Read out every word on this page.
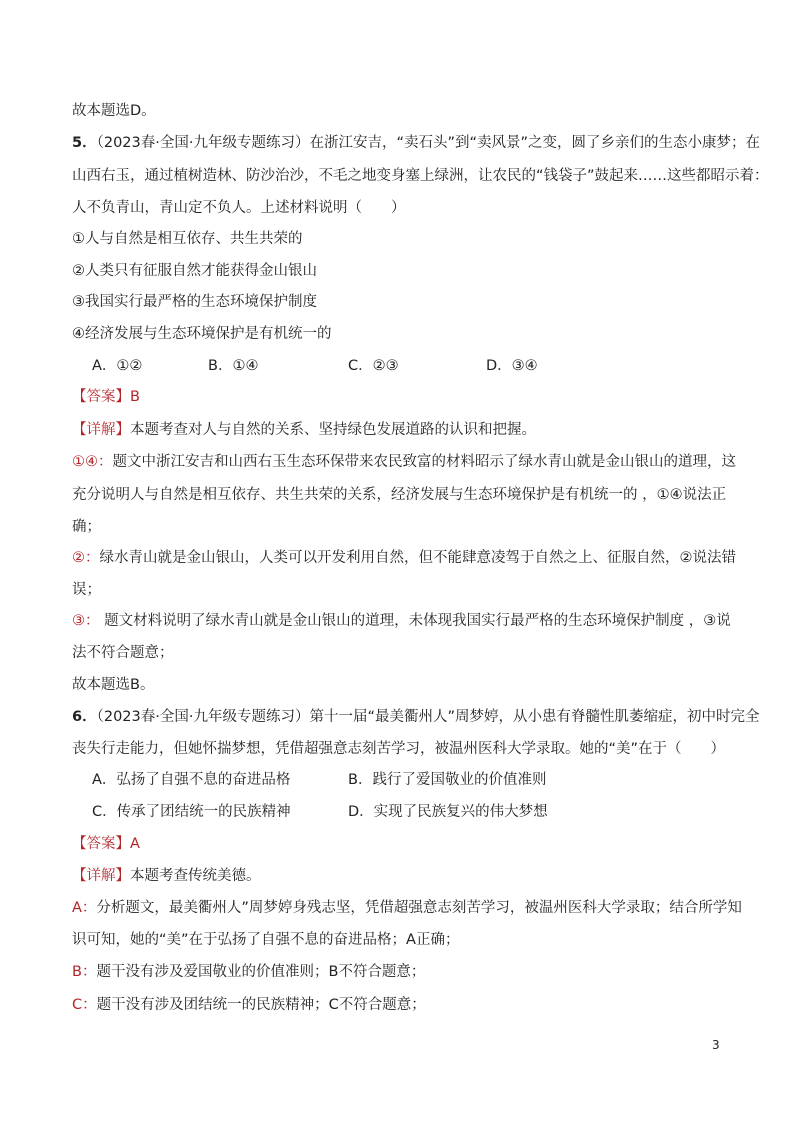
故本题选D。
5．（2023春·全国·九年级专题练习）在浙江安吉，“卖石头”到“卖风景”之变，圆了乡亲们的生态小康梦；在
山西右玉，通过植树造林、防沙治沙，不毛之地变身塞上绿洲，让农民的“钱袋子”鼓起来……这些都昭示着：
人不负青山，青山定不负人。上述材料说明（　　）
①人与自然是相互依存、共生共荣的
②人类只有征服自然才能获得金山银山
③我国实行最严格的生态环境保护制度
④经济发展与生态环境保护是有机统一的
A．①②	B．①④	C．②③	D．③④
【答案】B
【详解】本题考查对人与自然的关系、坚持绿色发展道路的认识和把握。
①④：题文中浙江安吉和山西右玉生态环保带来农民致富的材料昭示了绿水青山就是金山银山的道理，这
充分说明人与自然是相互依存、共生共荣的关系，经济发展与生态环境保护是有机统一的 ，①④说法正
确；
②：绿水青山就是金山银山，人类可以开发利用自然，但不能肆意凌驾于自然之上、征服自然，②说法错
误；
③： 题文材料说明了绿水青山就是金山银山的道理，未体现我国实行最严格的生态环境保护制度 ，③说
法不符合题意；
故本题选B。
6．（2023春·全国·九年级专题练习）第十一届“最美衢州人”周梦婷，从小患有脊髓性肌萎缩症，初中时完全
丧失行走能力，但她怀揣梦想，凭借超强意志刻苦学习，被温州医科大学录取。她的“美”在于（　　）
A．弘扬了自强不息的奋进品格	B．践行了爱国敬业的价值准则
C．传承了团结统一的民族精神	D．实现了民族复兴的伟大梦想
【答案】A
【详解】本题考查传统美德。
A：分析题文，最美衢州人”周梦婷身残志坚，凭借超强意志刻苦学习，被温州医科大学录取；结合所学知
识可知，她的“美”在于弘扬了自强不息的奋进品格；A正确；
B：题干没有涉及爱国敬业的价值准则；B不符合题意；
C：题干没有涉及团结统一的民族精神；C不符合题意；
3
